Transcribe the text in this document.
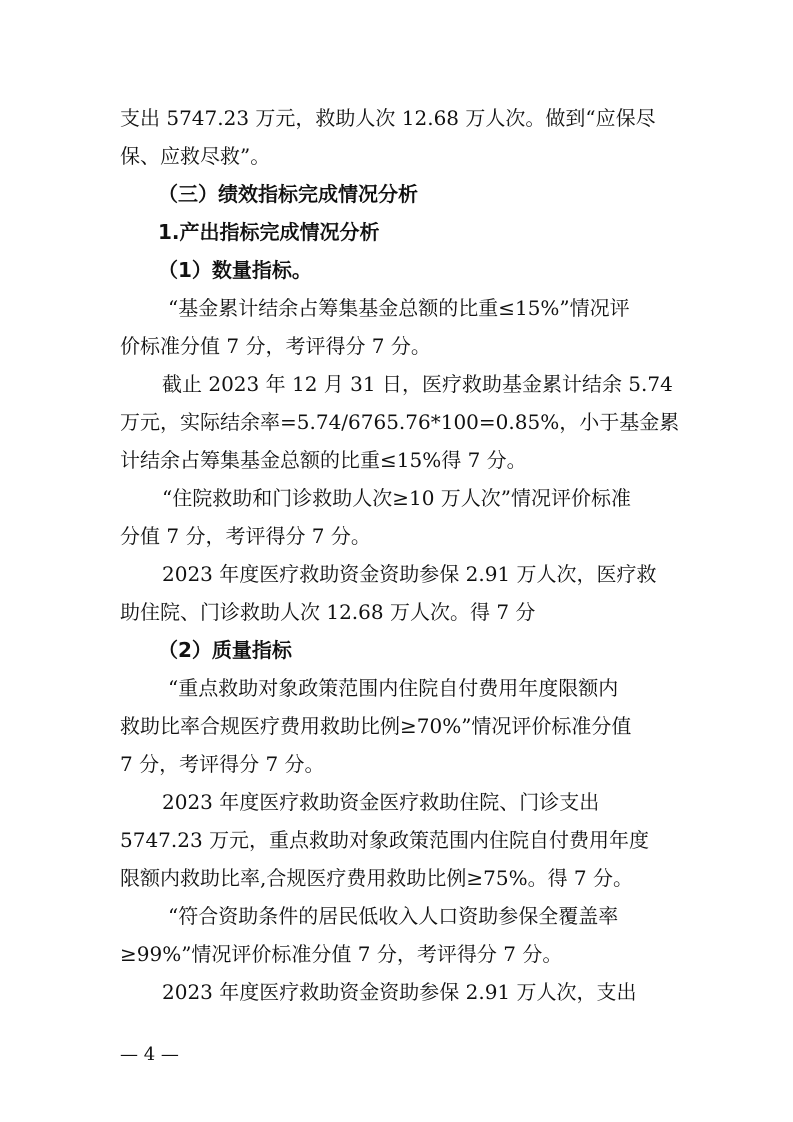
支出 5747.23 万元，救助人次 12.68 万人次。做到“应保尽
保、应救尽救”。
（三）绩效指标完成情况分析
1.产出指标完成情况分析
（1）数量指标。
“基金累计结余占筹集基金总额的比重≤15%”情况评
价标准分值 7 分，考评得分 7 分。
截止 2023 年 12 月 31 日，医疗救助基金累计结余 5.74
万元，实际结余率=5.74/6765.76*100=0.85%，小于基金累
计结余占筹集基金总额的比重≤15%得 7 分。
“住院救助和门诊救助人次≥10 万人次”情况评价标准
分值 7 分，考评得分 7 分。
2023 年度医疗救助资金资助参保 2.91 万人次，医疗救
助住院、门诊救助人次 12.68 万人次。得 7 分
（2）质量指标
“重点救助对象政策范围内住院自付费用年度限额内
救助比率合规医疗费用救助比例≥70%”情况评价标准分值
7 分，考评得分 7 分。
2023 年度医疗救助资金医疗救助住院、门诊支出
5747.23 万元，重点救助对象政策范围内住院自付费用年度
限额内救助比率,合规医疗费用救助比例≥75%。得 7 分。
“符合资助条件的居民低收入人口资助参保全覆盖率
≥99%”情况评价标准分值 7 分，考评得分 7 分。
2023 年度医疗救助资金资助参保 2.91 万人次，支出
— 4 —
